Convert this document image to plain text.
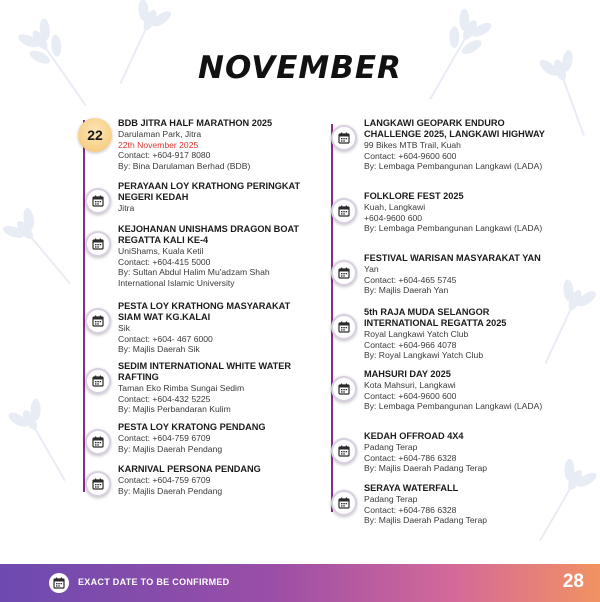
NOVEMBER
22
BDB JITRA HALF MARATHON 2025
Darulaman Park, Jitra
22th November 2025
Contact: +604-917 8080
By: Bina Darulaman Berhad (BDB)
PERAYAAN LOY KRATHONG PERINGKAT NEGERI KEDAH
Jitra
KEJOHANAN UNISHAMS DRAGON BOAT REGATTA KALI KE-4
UniShams, Kuala Ketil
Contact: +604-415 5000
By: Sultan Abdul Halim Mu'adzam Shah International Islamic University
PESTA LOY KRATHONG MASYARAKAT SIAM WAT KG.KALAI
Sik
Contact: +604- 467 6000
By: Majlis Daerah Sik
SEDIM INTERNATIONAL WHITE WATER RAFTING
Taman Eko Rimba Sungai Sedim
Contact: +604-432 5225
By: Majlis Perbandaran Kulim
PESTA LOY KRATONG PENDANG
Contact: +604-759 6709
By: Majlis Daerah Pendang
KARNIVAL PERSONA PENDANG
Contact: +604-759 6709
By: Majlis Daerah Pendang
LANGKAWI GEOPARK ENDURO CHALLENGE 2025, LANGKAWI HIGHWAY
99 Bikes MTB Trail, Kuah
Contact: +604-9600 600
By: Lembaga Pembangunan Langkawi (LADA)
FOLKLORE FEST 2025
Kuah, Langkawi
+604-9600 600
By: Lembaga Pembangunan Langkawi (LADA)
FESTIVAL WARISAN MASYARAKAT YAN
Yan
Contact: +604-465 5745
By: Majlis Daerah Yan
5th RAJA MUDA SELANGOR INTERNATIONAL REGATTA 2025
Royal Langkawi Yatch Club
Contact: +604-966 4078
By: Royal Langkawi Yatch Club
MAHSURI DAY 2025
Kota Mahsuri, Langkawi
Contact: +604-9600 600
By: Lembaga Pembangunan Langkawi (LADA)
KEDAH OFFROAD 4X4
Padang Terap
Contact: +604-786 6328
By: Majlis Daerah Padang Terap
SERAYA WATERFALL
Padang Terap
Contact: +604-786 6328
By: Majlis Daerah Padang Terap
EXACT DATE TO BE CONFIRMED	28
